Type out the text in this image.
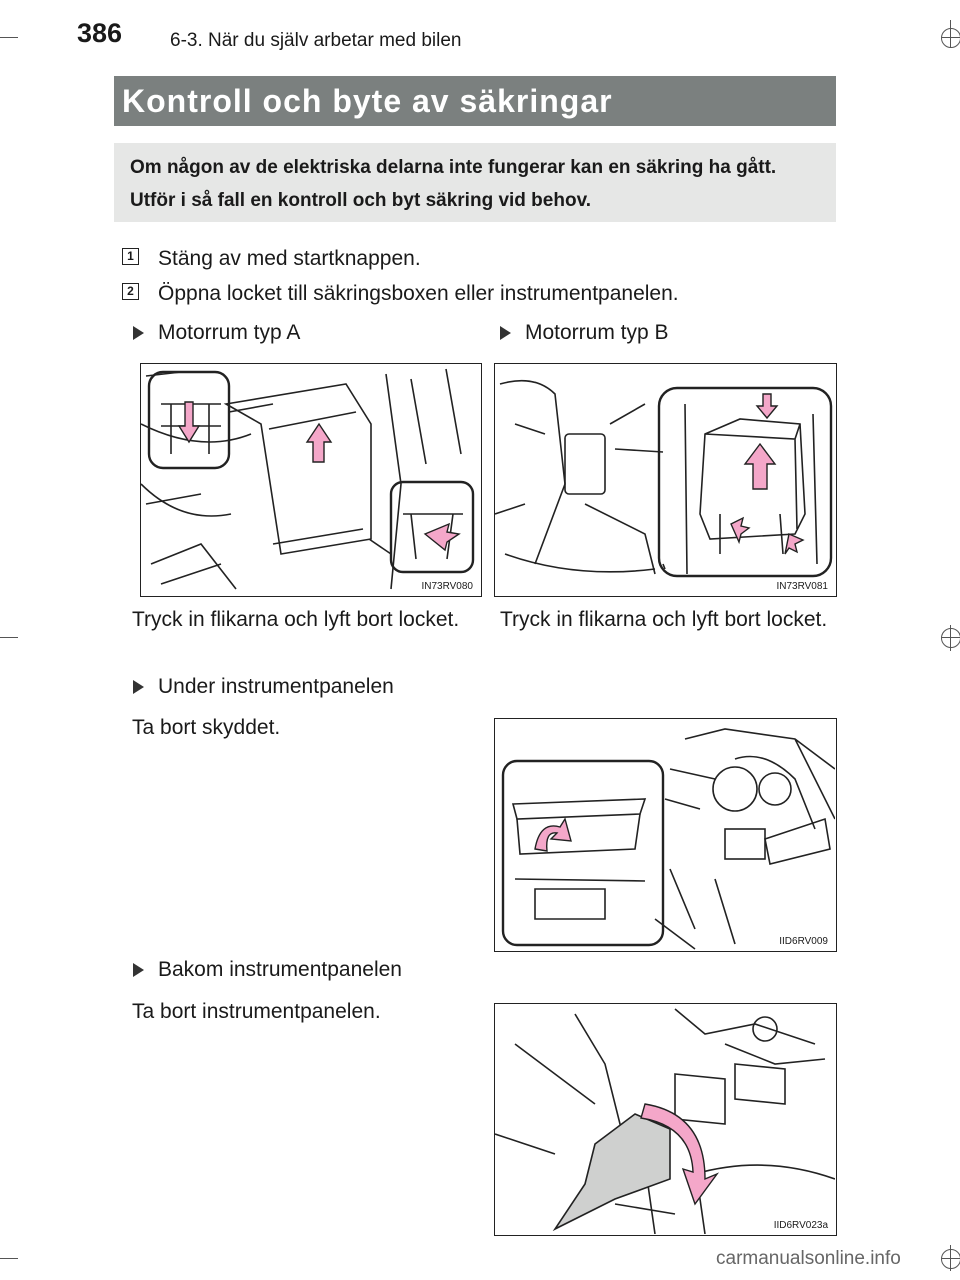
386	6-3. När du själv arbetar med bilen
Kontroll och byte av säkringar
Om någon av de elektriska delarna inte fungerar kan en säkring ha gått. Utför i så fall en kontroll och byt säkring vid behov.
1 Stäng av med startknappen.
2 Öppna locket till säkringsboxen eller instrumentpanelen.
Motorrum typ A
IN73RV080
Tryck in flikarna och lyft bort locket.
Motorrum typ B
IN73RV081
Tryck in flikarna och lyft bort locket.
Under instrumentpanelen
Ta bort skyddet.
IID6RV009
Bakom instrumentpanelen
Ta bort instrumentpanelen.
IID6RV023a
carmanualsonline.info
